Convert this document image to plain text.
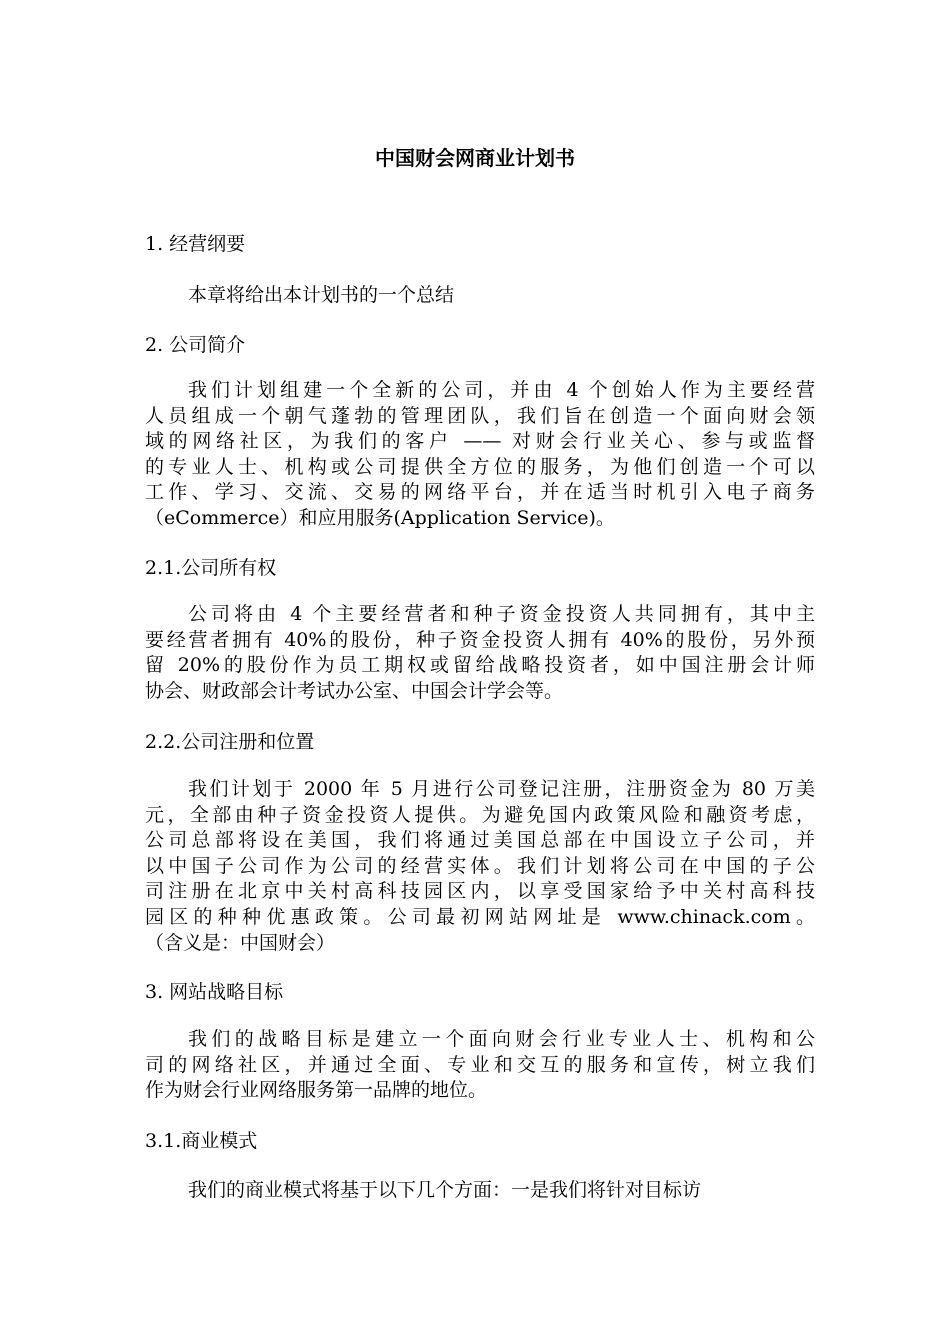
中国财会网商业计划书
1. 经营纲要
本章将给出本计划书的一个总结
2. 公司简介
我们计划组建一个全新的公司，并由 4 个创始人作为主要经营
人员组成一个朝气蓬勃的管理团队，我们旨在创造一个面向财会领
域的网络社区，为我们的客户 —— 对财会行业关心、参与或监督
的专业人士、机构或公司提供全方位的服务，为他们创造一个可以
工作、学习、交流、交易的网络平台，并在适当时机引入电子商务
（eCommerce）和应用服务(Application Service)。
2.1.公司所有权
公司将由 4 个主要经营者和种子资金投资人共同拥有，其中主
要经营者拥有 40%的股份，种子资金投资人拥有 40%的股份，另外预
留 20%的股份作为员工期权或留给战略投资者，如中国注册会计师
协会、财政部会计考试办公室、中国会计学会等。
2.2.公司注册和位置
我们计划于 2000 年 5 月进行公司登记注册，注册资金为 80 万美
元，全部由种子资金投资人提供。为避免国内政策风险和融资考虑，
公司总部将设在美国，我们将通过美国总部在中国设立子公司，并
以中国子公司作为公司的经营实体。我们计划将公司在中国的子公
司注册在北京中关村高科技园区内，以享受国家给予中关村高科技
园区的种种优惠政策。公司最初网站网址是 www.chinack.com。
（含义是：中国财会）
3. 网站战略目标
我们的战略目标是建立一个面向财会行业专业人士、机构和公
司的网络社区，并通过全面、专业和交互的服务和宣传，树立我们
作为财会行业网络服务第一品牌的地位。
3.1.商业模式
我们的商业模式将基于以下几个方面：一是我们将针对目标访
